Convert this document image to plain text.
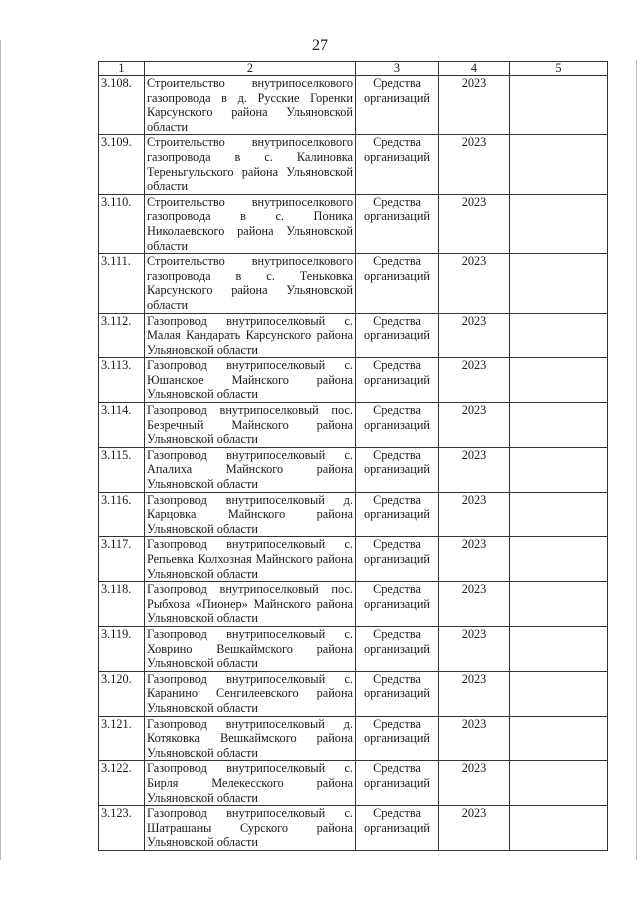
27
1	2	3	4	5
3.108.	Строительство внутрипоселкового газопровода в д. Русские Горенки Карсунского района Ульяновской области	Средства организаций	2023	
3.109.	Строительство внутрипоселкового газопровода в с. Калиновка Тереньгульского района Ульяновской области	Средства организаций	2023	
3.110.	Строительство внутрипоселкового газопровода в с. Поника Николаевского района Ульяновской области	Средства организаций	2023	
3.111.	Строительство внутрипоселкового газопровода в с. Теньковка Карсунского района Ульяновской области	Средства организаций	2023	
3.112.	Газопровод внутрипоселковый с. Малая Кандарать Карсунского района Ульяновской области	Средства организаций	2023	
3.113.	Газопровод внутрипоселковый с. Юшанское Майнского района Ульяновской области	Средства организаций	2023	
3.114.	Газопровод внутрипоселковый пос. Безречный Майнского района Ульяновской области	Средства организаций	2023	
3.115.	Газопровод внутрипоселковый с. Апалиха Майнского района Ульяновской области	Средства организаций	2023	
3.116.	Газопровод внутрипоселковый д. Карцовка Майнского района Ульяновской области	Средства организаций	2023	
3.117.	Газопровод внутрипоселковый с. Репьевка Колхозная Майнского района Ульяновской области	Средства организаций	2023	
3.118.	Газопровод внутрипоселковый пос. Рыбхоза «Пионер» Майнского района Ульяновской области	Средства организаций	2023	
3.119.	Газопровод внутрипоселковый с. Ховрино Вешкаймского района Ульяновской области	Средства организаций	2023	
3.120.	Газопровод внутрипоселковый с. Каранино Сенгилеевского района Ульяновской области	Средства организаций	2023	
3.121.	Газопровод внутрипоселковый д. Котяковка Вешкаймского района Ульяновской области	Средства организаций	2023	
3.122.	Газопровод внутрипоселковый с. Бирля Мелекесского района Ульяновской области	Средства организаций	2023	
3.123.	Газопровод внутрипоселковый с. Шатрашаны Сурского района Ульяновской области	Средства организаций	2023	
